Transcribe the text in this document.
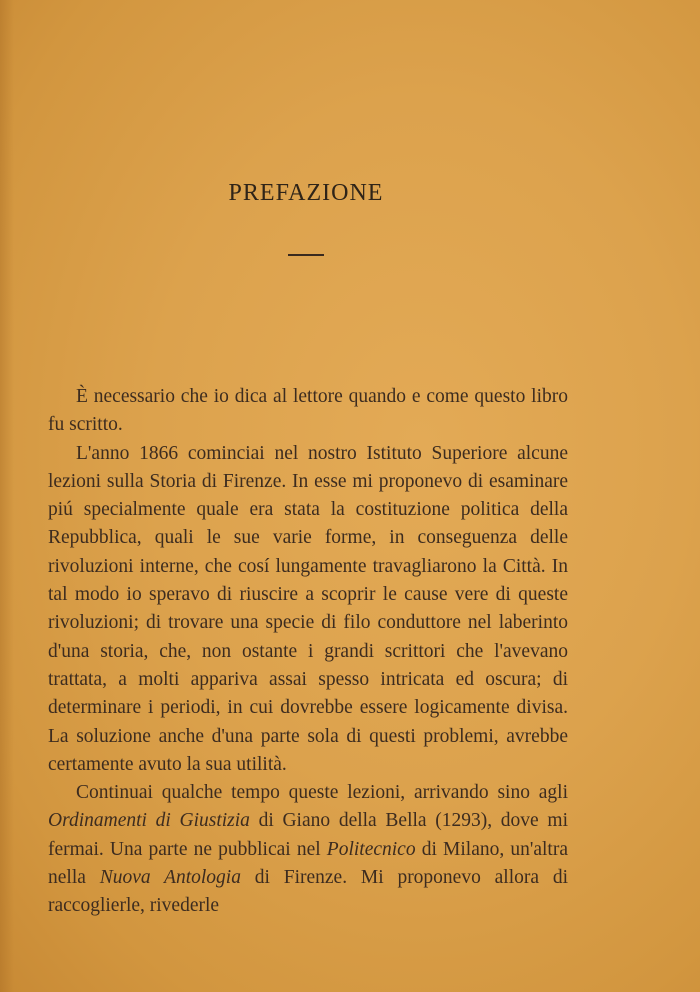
PREFAZIONE

È necessario che io dica al lettore quando e come questo libro fu scritto.

L'anno 1866 cominciai nel nostro Istituto Superiore alcune lezioni sulla Storia di Firenze. In esse mi proponevo di esaminare piú specialmente quale era stata la costituzione politica della Repubblica, quali le sue varie forme, in conseguenza delle rivoluzioni interne, che cosí lungamente travagliarono la Città. In tal modo io speravo di riuscire a scoprir le cause vere di queste rivoluzioni; di trovare una specie di filo conduttore nel laberinto d'una storia, che, non ostante i grandi scrittori che l'avevano trattata, a molti appariva assai spesso intricata ed oscura; di determinare i periodi, in cui dovrebbe essere logicamente divisa. La soluzione anche d'una parte sola di questi problemi, avrebbe certamente avuto la sua utilità.

Continuai qualche tempo queste lezioni, arrivando sino agli Ordinamenti di Giustizia di Giano della Bella (1293), dove mi fermai. Una parte ne pubblicai nel Politecnico di Milano, un'altra nella Nuova Antologia di Firenze. Mi proponevo allora di raccoglierle, rivederle
